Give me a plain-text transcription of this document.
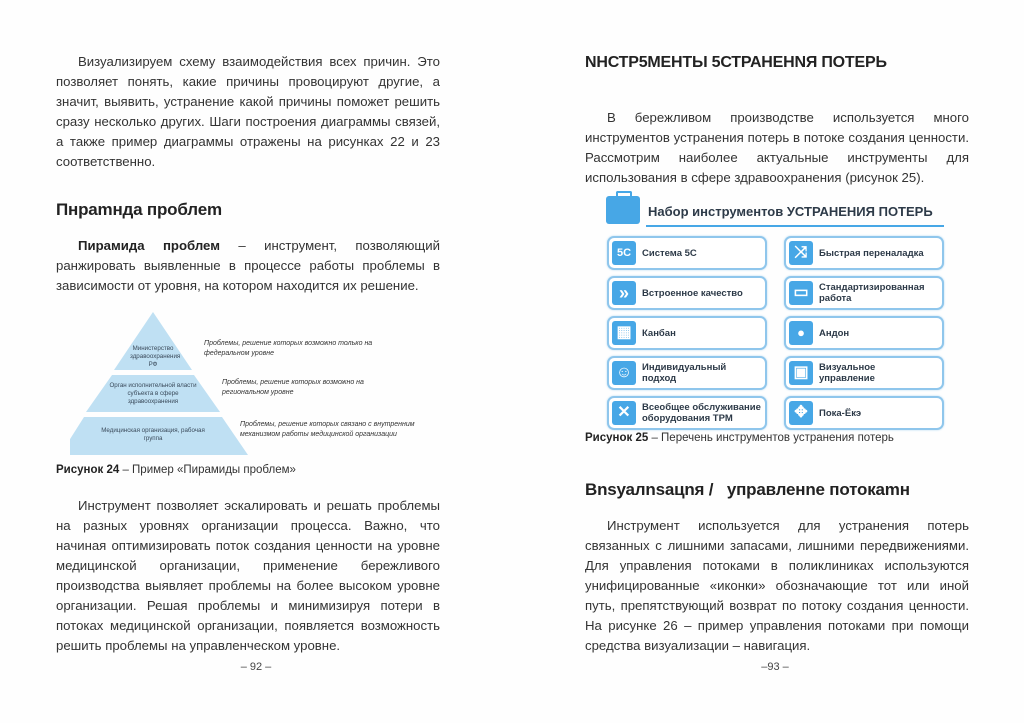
Визуализируем схему взаимодействия всех причин. Это позволяет понять, какие причины провоцируют другие, а значит, выявить, устранение какой причины поможет решить сразу несколько других. Шаги построения диаграммы связей, а также пример диаграммы отражены на рисунках 22 и 23 соответственно.
Пнрamнда проблem
Пирамида проблем – инструмент, позволяющий ранжировать выявленные в процессе работы проблемы в зависимости от уровня, на котором находится их решение.
Министерство здравоохранения РФ
Орган исполнительной власти субъекта в сфере здравоохранения
Медицинская организация, рабочая группа
Проблемы, решение которых возможно только на федеральном уровне
Проблемы, решение которых возможно на региональном уровне
Проблемы, решение которых связано с внутренним механизмом работы медицинской организации
Рисунок 24 – Пример «Пирамиды проблем»
Инструмент позволяет эскалировать и решать проблемы на разных уровнях организации процесса. Важно, что начиная оптимизировать поток создания ценности на уровне медицинской организации, применение бережливого производства выявляет проблемы на более высоком уровне организации. Решая проблемы и минимизируя потери в потоках медицинской организации, появляется возможность решить проблемы на управленческом уровне.
– 92 –
NНСТР5МЕНТЫ 5СТРАНЕНNЯ ПОТЕРЬ
В бережливом производстве используется много инструментов устранения потерь в потоке создания ценности. Рассмотрим наиболее актуальные инструменты для использования в сфере здравоохранения (рисунок 25).
Набор инструментов УСТРАНЕНИЯ ПОТЕРЬ
5C	Система 5С	⤨	Быстрая переналадка
»	Встроенное качество	▭	Стандартизированная работа
▦	Канбан	●	Андон
☺	Индивидуальный подход	▣	Визуальное управление
✕	Всеобщее обслуживание оборудования TPM	✥	Пока-Ёкэ
Рисунок 25 – Перечень инструментов устранения потерь
Вnsуалnsацnя /   управленne потокаmн
Инструмент используется для устранения потерь связанных с лишними запасами, лишними передвижениями. Для управления потоками в поликлиниках используются унифицированные «иконки» обозначающие тот или иной путь, препятствующий возврат по потоку создания ценности. На рисунке 26 – пример управления потоками при помощи средства визуализации – навигация.
–93 –
